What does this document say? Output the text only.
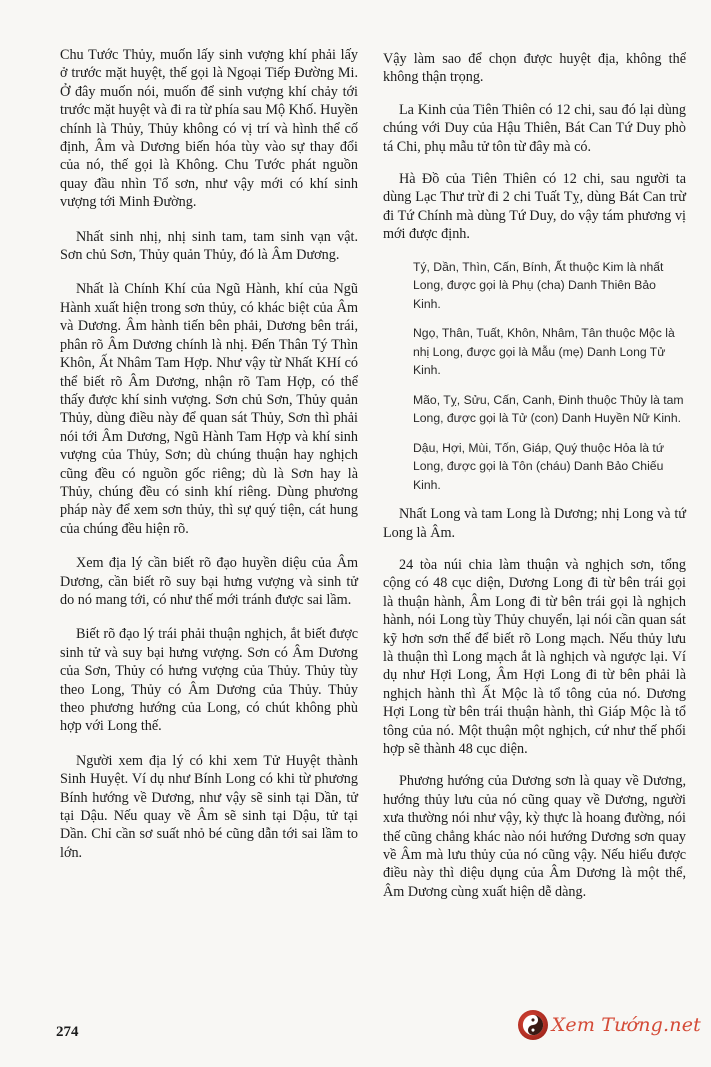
Chu Tước Thủy, muốn lấy sinh vượng khí phải lấy ở trước mặt huyệt, thế gọi là Ngoại Tiếp Đường Mi. Ở đây muốn nói, muốn để sinh vượng khí chảy tới trước mặt huyệt và đi ra từ phía sau Mộ Khố. Huyền chính là Thủy, Thủy không có vị trí và hình thể cố định, Âm và Dương biến hóa tùy vào sự thay đổi của nó, thế gọi là Không. Chu Tước phát nguồn quay đầu nhìn Tổ sơn, như vậy mới có khí sinh vượng tới Minh Đường.

Nhất sinh nhị, nhị sinh tam, tam sinh vạn vật. Sơn chủ Sơn, Thủy quản Thủy, đó là Âm Dương.

Nhất là Chính Khí của Ngũ Hành, khí của Ngũ Hành xuất hiện trong sơn thủy, có khác biệt của Âm và Dương. Âm hành tiến bên phải, Dương bên trái, phân rõ Âm Dương chính là nhị. Đến Thân Tý Thìn Khôn, Ất Nhâm Tam Hợp. Như vậy từ Nhất KHí có thể biết rõ Âm Dương, nhận rõ Tam Hợp, có thể thấy được khí sinh vượng. Sơn chủ Sơn, Thủy quản Thủy, dùng điều này để quan sát Thủy, Sơn thì phải nói tới Âm Dương, Ngũ Hành Tam Hợp và khí sinh vượng của Thủy, Sơn; dù chúng thuận hay nghịch cũng đều có nguồn gốc riêng; dù là Sơn hay là Thủy, chúng đều có sinh khí riêng. Dùng phương pháp này để xem sơn thủy, thì sự quý tiện, cát hung của chúng đều hiện rõ.

Xem địa lý cần biết rõ đạo huyền diệu của Âm Dương, cần biết rõ suy bại hưng vượng và sinh tử do nó mang tới, có như thế mới tránh được sai lầm.

Biết rõ đạo lý trái phải thuận nghịch, ắt biết được sinh tử và suy bại hưng vượng. Sơn có Âm Dương của Sơn, Thủy có hưng vượng của Thủy. Thủy tùy theo Long, Thủy có Âm Dương của Thủy. Thủy theo phương hướng của Long, có chút không phù hợp với Long thế.

Người xem địa lý có khi xem Tử Huyệt thành Sinh Huyệt. Ví dụ như Bính Long có khi từ phương Bính hướng về Dương, như vậy sẽ sinh tại Dần, tử tại Dậu. Nếu quay về Âm sẽ sinh tại Dậu, tử tại Dần. Chỉ cần sơ suất nhỏ bé cũng dẫn tới sai lầm to lớn.

Vậy làm sao để chọn được huyệt địa, không thể không thận trọng.

La Kinh của Tiên Thiên có 12 chi, sau đó lại dùng chúng với Duy của Hậu Thiên, Bát Can Tứ Duy phò tá Chi, phụ mẫu tử tôn từ đây mà có.

Hà Đồ của Tiên Thiên có 12 chi, sau người ta dùng Lạc Thư trừ đi 2 chi Tuất Tỵ, dùng Bát Can trừ đi Tứ Chính mà dùng Tứ Duy, do vậy tám phương vị mới được định.

Tý, Dần, Thìn, Cấn, Bính, Ất thuộc Kim là nhất Long, được gọi là Phụ (cha) Danh Thiên Bảo Kinh.

Ngọ, Thân, Tuất, Khôn, Nhâm, Tân thuộc Mộc là nhị Long, được gọi là Mẫu (mẹ) Danh Long Tử Kinh.

Mão, Tỵ, Sửu, Cấn, Canh, Đinh thuộc Thủy là tam Long, được gọi là Tử (con) Danh Huyền Nữ Kinh.

Dậu, Hợi, Mùi, Tốn, Giáp, Quý thuộc Hỏa là tứ Long, được gọi là Tôn (cháu) Danh Bảo Chiếu Kinh.

Nhất Long và tam Long là Dương; nhị Long và tứ Long là Âm.

24 tòa núi chia làm thuận và nghịch sơn, tổng cộng có 48 cục diện, Dương Long đi từ bên trái gọi là thuận hành, Âm Long đi từ bên trái gọi là nghịch hành, nói Long tùy Thủy chuyển, lại nói cần quan sát kỹ hơn sơn thế để biết rõ Long mạch. Nếu thủy lưu là thuận thì Long mạch ắt là nghịch và ngược lại. Ví dụ như Hợi Long, Âm Hợi Long đi từ bên phải là nghịch hành thì Ất Mộc là tổ tông của nó. Dương Hợi Long từ bên trái thuận hành, thì Giáp Mộc là tổ tông của nó. Một thuận một nghịch, cứ như thế phối hợp sẽ thành 48 cục diện.

Phương hướng của Dương sơn là quay về Dương, hướng thủy lưu của nó cũng quay về Dương, người xưa thường nói như vậy, kỳ thực là hoang đường, nói thế cũng chẳng khác nào nói hướng Dương sơn quay về Âm mà lưu thủy của nó cũng vậy. Nếu hiểu được điều này thì diệu dụng của Âm Dương là một thể, Âm Dương cùng xuất hiện dễ dàng.

274	Xem Tướng.net
